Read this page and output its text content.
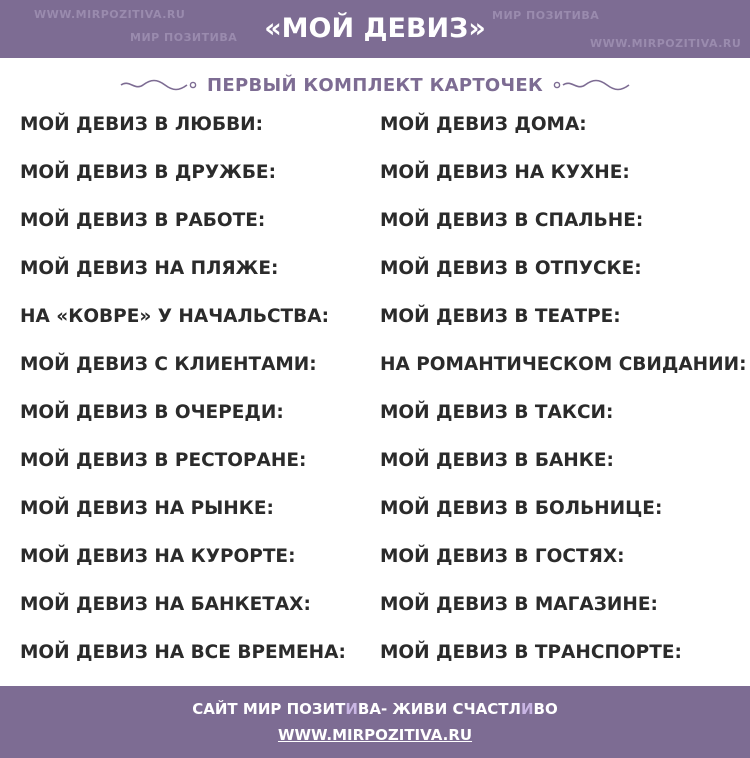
WWW.MIRPOZITIVA.RU
МИР ПОЗИТИВА
МИР ПОЗИТИВА
WWW.MIRPOZITIVA.RU
«МОЙ ДЕВИЗ»
ПЕРВЫЙ КОМПЛЕКТ КАРТОЧЕК
МОЙ ДЕВИЗ В ЛЮБВИ:
МОЙ ДЕВИЗ В ДРУЖБЕ:
МОЙ ДЕВИЗ В РАБОТЕ:
МОЙ ДЕВИЗ НА ПЛЯЖЕ:
НА «КОВРЕ» У НАЧАЛЬСТВА:
МОЙ ДЕВИЗ С КЛИЕНТАМИ:
МОЙ ДЕВИЗ В ОЧЕРЕДИ:
МОЙ ДЕВИЗ В РЕСТОРАНЕ:
МОЙ ДЕВИЗ НА РЫНКЕ:
МОЙ ДЕВИЗ НА КУРОРТЕ:
МОЙ ДЕВИЗ НА БАНКЕТАХ:
МОЙ ДЕВИЗ НА ВСЕ ВРЕМЕНА:
МОЙ ДЕВИЗ ДОМА:
МОЙ ДЕВИЗ НА КУХНЕ:
МОЙ ДЕВИЗ В СПАЛЬНЕ:
МОЙ ДЕВИЗ В ОТПУСКЕ:
МОЙ ДЕВИЗ В ТЕАТРЕ:
НА РОМАНТИЧЕСКОМ СВИДАНИИ:
МОЙ ДЕВИЗ В ТАКСИ:
МОЙ ДЕВИЗ В БАНКЕ:
МОЙ ДЕВИЗ В БОЛЬНИЦЕ:
МОЙ ДЕВИЗ В ГОСТЯХ:
МОЙ ДЕВИЗ В МАГАЗИНЕ:
МОЙ ДЕВИЗ В ТРАНСПОРТЕ:
САЙТ МИР ПОЗИТИВА- ЖИВИ СЧАСТЛИВО
WWW.MIRPOZITIVA.RU
